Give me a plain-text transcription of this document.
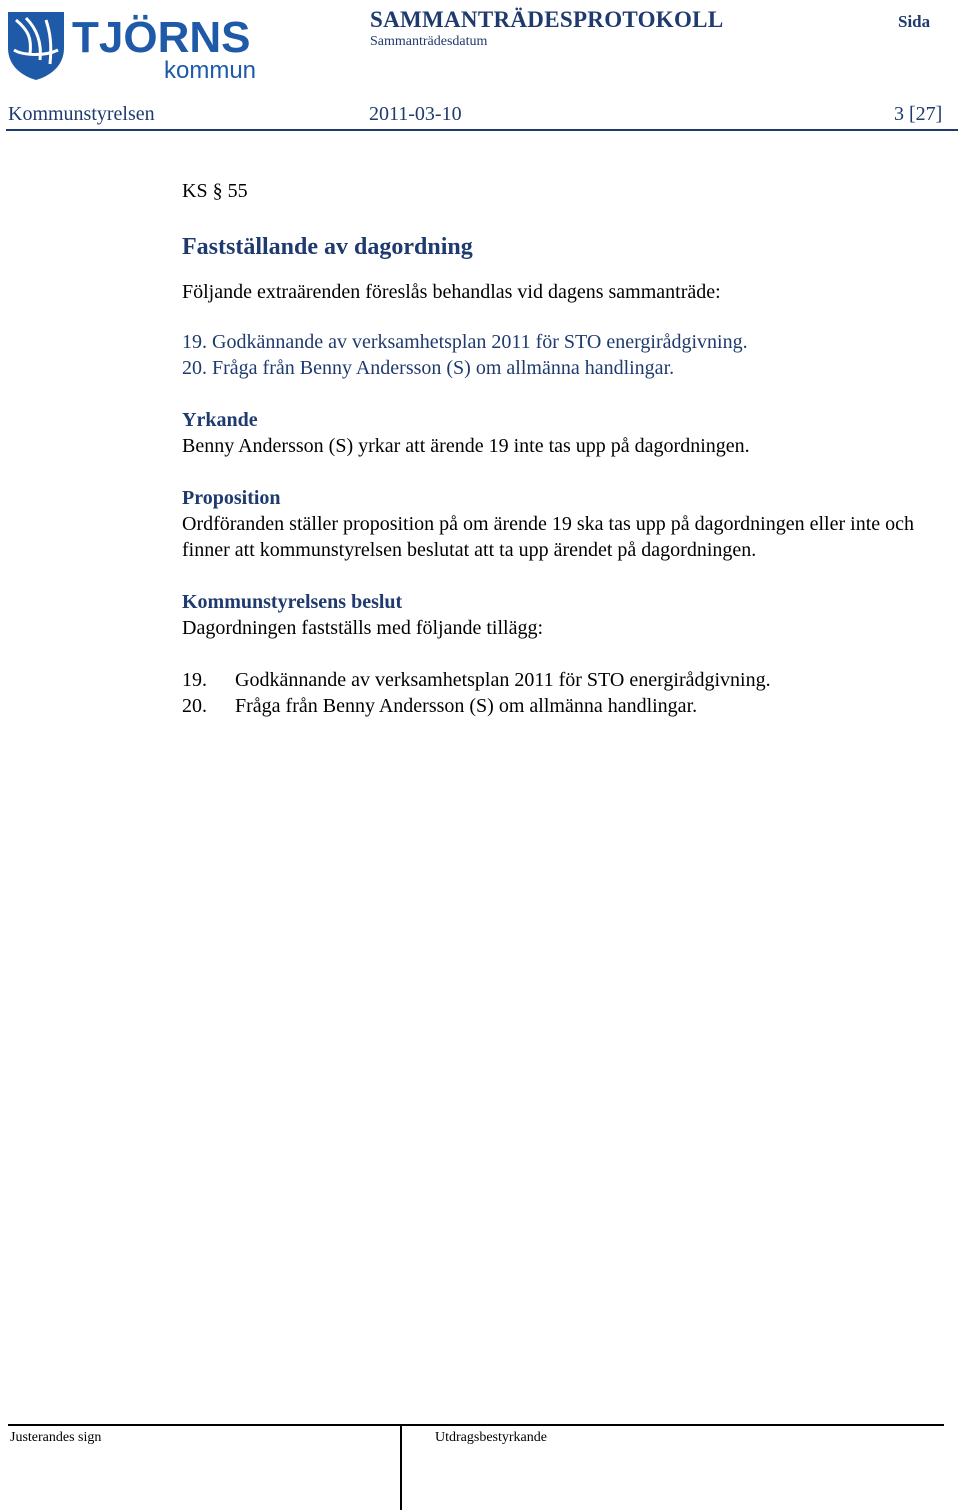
TJÖRNS
kommun
SAMMANTRÄDESPROTOKOLL
Sammanträdesdatum
Sida
Kommunstyrelsen	2011-03-10	3 [27]

KS § 55

Fastställande av dagordning

Följande extraärenden föreslås behandlas vid dagens sammanträde:

19. Godkännande av verksamhetsplan 2011 för STO energirådgivning.

20. Fråga från Benny Andersson (S) om allmänna handlingar.

Yrkande

Benny Andersson (S) yrkar att ärende 19 inte tas upp på dagordningen.

Proposition

Ordföranden ställer proposition på om ärende 19 ska tas upp på dagordningen eller inte och finner att kommunstyrelsen beslutat att ta upp ärendet på dagordningen.

Kommunstyrelsens beslut

Dagordningen fastställs med följande tillägg:

19.	Godkännande av verksamhetsplan 2011 för STO energirådgivning.
20.	Fråga från Benny Andersson (S) om allmänna handlingar.
Justerandes sign	Utdragsbestyrkande
